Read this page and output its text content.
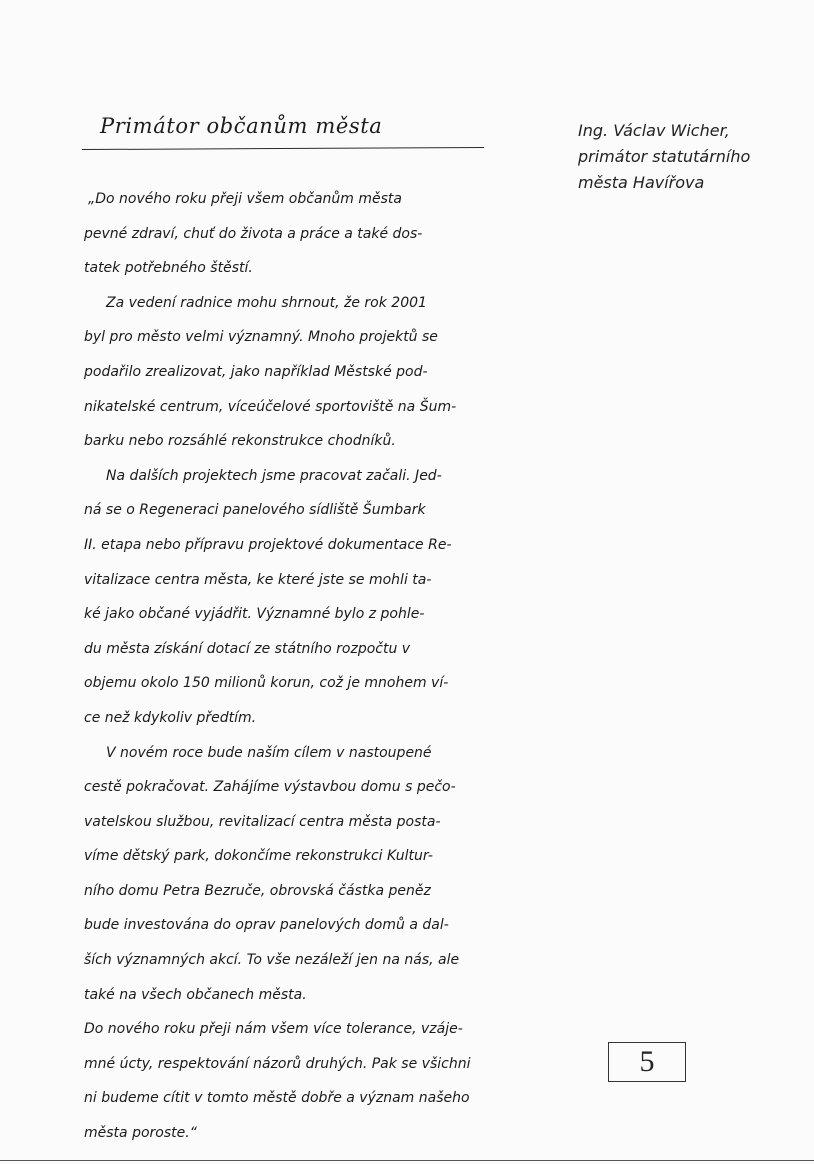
Primátor občanům města	Ing. Václav Wicher,
primátor statutárního
města Havířova
„Do nového roku přeji všem občanům města
pevné zdraví, chuť do života a práce a také dos-
tatek potřebného štěstí.
Za vedení radnice mohu shrnout, že rok 2001
byl pro město velmi významný. Mnoho projektů se
podařilo zrealizovat, jako například Městské pod-
nikatelské centrum, víceúčelové sportoviště na Šum-
barku nebo rozsáhlé rekonstrukce chodníků.
Na dalších projektech jsme pracovat začali. Jed-
ná se o Regeneraci panelového sídliště Šumbark
II. etapa nebo přípravu projektové dokumentace Re-
vitalizace centra města, ke které jste se mohli ta-
ké jako občané vyjádřit. Významné bylo z pohle-
du města získání dotací ze státního rozpočtu v
objemu okolo 150 milionů korun, což je mnohem ví-
ce než kdykoliv předtím.
V novém roce bude naším cílem v nastoupené
cestě pokračovat. Zahájíme výstavbou domu s pečo-
vatelskou službou, revitalizací centra města posta-
víme dětský park, dokončíme rekonstrukci Kultur-
ního domu Petra Bezruče, obrovská částka peněz
bude investována do oprav panelových domů a dal-
ších významných akcí. To vše nezáleží jen na nás, ale
také na všech občanech města.
Do nového roku přeji nám všem více tolerance, vzáje-
mné úcty, respektování názorů druhých. Pak se všichni
ni budeme cítit v tomto městě dobře a význam našeho
města poroste.“
5
